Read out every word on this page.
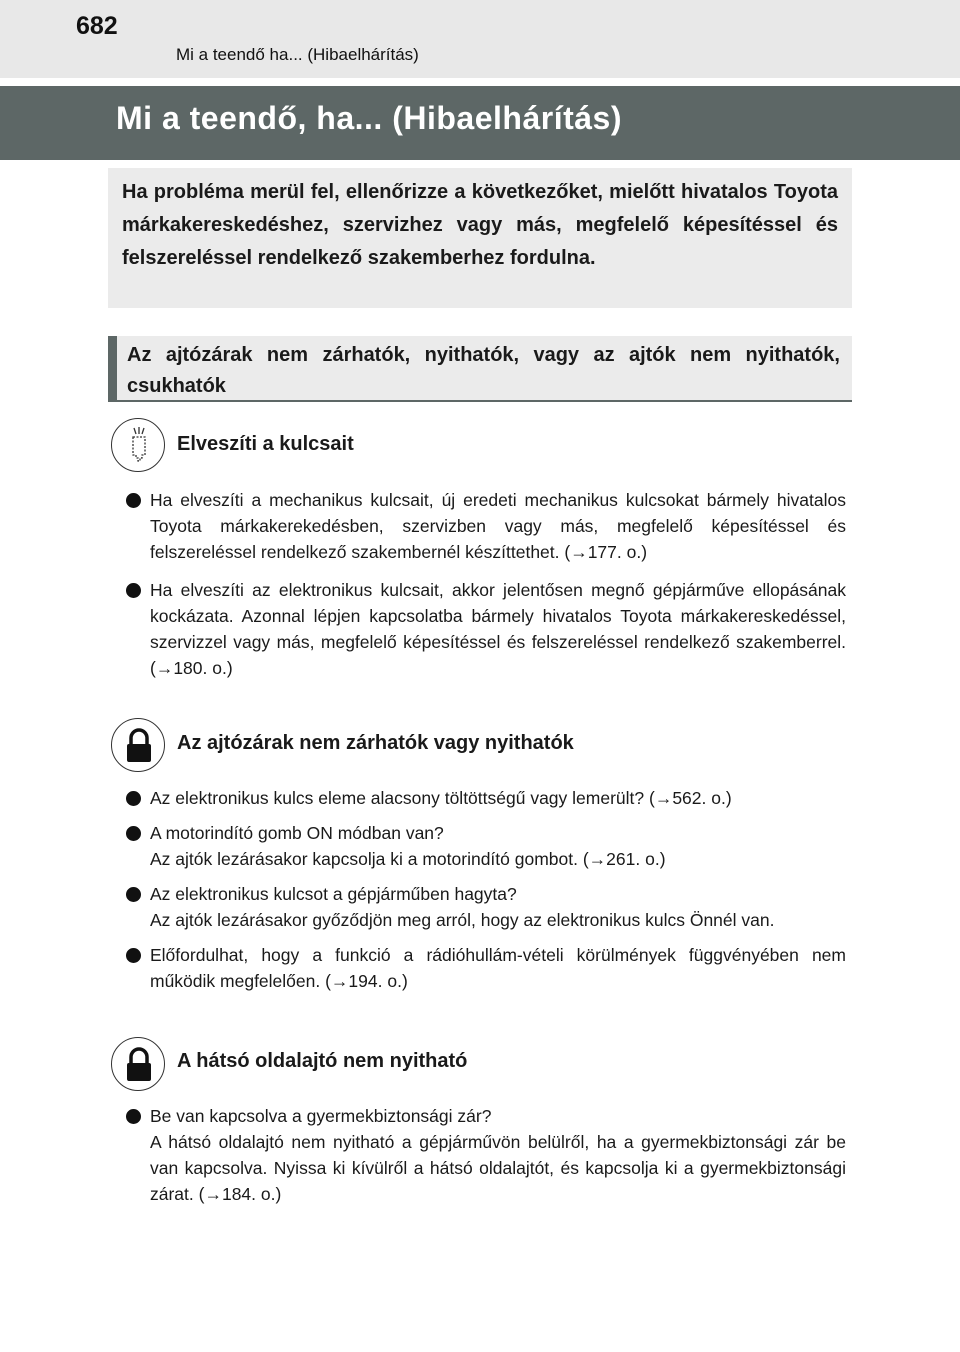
682
Mi a teendő ha... (Hibaelhárítás)
Mi a teendő, ha... (Hibaelhárítás)
Ha probléma merül fel, ellenőrizze a következőket, mielőtt hivatalos Toyota márkakereskedéshez, szervizhez vagy más, megfelelő képesítéssel és felszereléssel rendelkező szakemberhez fordulna.
Az ajtózárak nem zárhatók, nyithatók, vagy az ajtók nem nyithatók, csukhatók
Elveszíti a kulcsait
Ha elveszíti a mechanikus kulcsait, új eredeti mechanikus kulcsokat bármely hivatalos Toyota márkakerekedésben, szervizben vagy más, megfelelő képesítéssel és felszereléssel rendelkező szakembernél készíttethet. (→177. o.)
Ha elveszíti az elektronikus kulcsait, akkor jelentősen megnő gépjárműve ellopásának kockázata. Azonnal lépjen kapcsolatba bármely hivatalos Toyota márkakereskedéssel, szervizzel vagy más, megfelelő képesítéssel és felszereléssel rendelkező szakemberrel. (→180. o.)
Az ajtózárak nem zárhatók vagy nyithatók
Az elektronikus kulcs eleme alacsony töltöttségű vagy lemerült? (→562. o.)
A motorindító gomb ON módban van?
Az ajtók lezárásakor kapcsolja ki a motorindító gombot. (→261. o.)
Az elektronikus kulcsot a gépjárműben hagyta?
Az ajtók lezárásakor győződjön meg arról, hogy az elektronikus kulcs Önnél van.
Előfordulhat, hogy a funkció a rádióhullám-vételi körülmények függvényében nem működik megfelelően. (→194. o.)
A hátsó oldalajtó nem nyitható
Be van kapcsolva a gyermekbiztonsági zár?
A hátsó oldalajtó nem nyitható a gépjárművön belülről, ha a gyermekbiztonsági zár be van kapcsolva. Nyissa ki kívülről a hátsó oldalajtót, és kapcsolja ki a gyermekbiztonsági zárat. (→184. o.)
